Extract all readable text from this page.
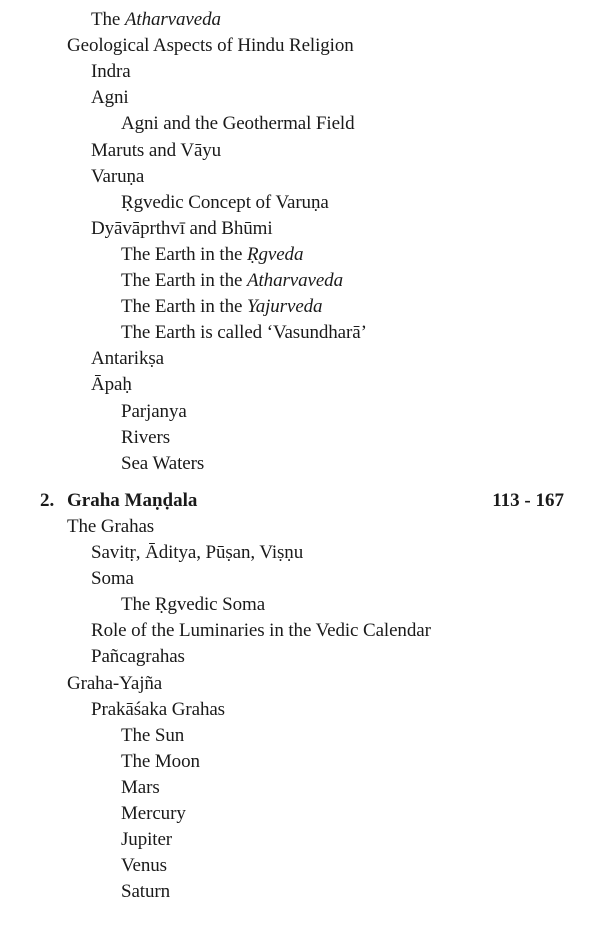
The Atharvaveda
Geological Aspects of Hindu Religion
Indra
Agni
Agni and the Geothermal Field
Maruts and Vāyu
Varuṇa
Ṛgvedic Concept of Varuṇa
Dyāvāprthvī and Bhūmi
The Earth in the Ṛgveda
The Earth in the Atharvaveda
The Earth in the Yajurveda
The Earth is called ‘Vasundharā’
Antarikṣa
Āpaḥ
Parjanya
Rivers
Sea Waters
2. Graha Maṇḍala	113 - 167
The Grahas
Savitṛ, Āditya, Pūṣan, Viṣṇu
Soma
The Ṛgvedic Soma
Role of the Luminaries in the Vedic Calendar
Pañcagrahas
Graha-Yajña
Prakāśaka Grahas
The Sun
The Moon
Mars
Mercury
Jupiter
Venus
Saturn
